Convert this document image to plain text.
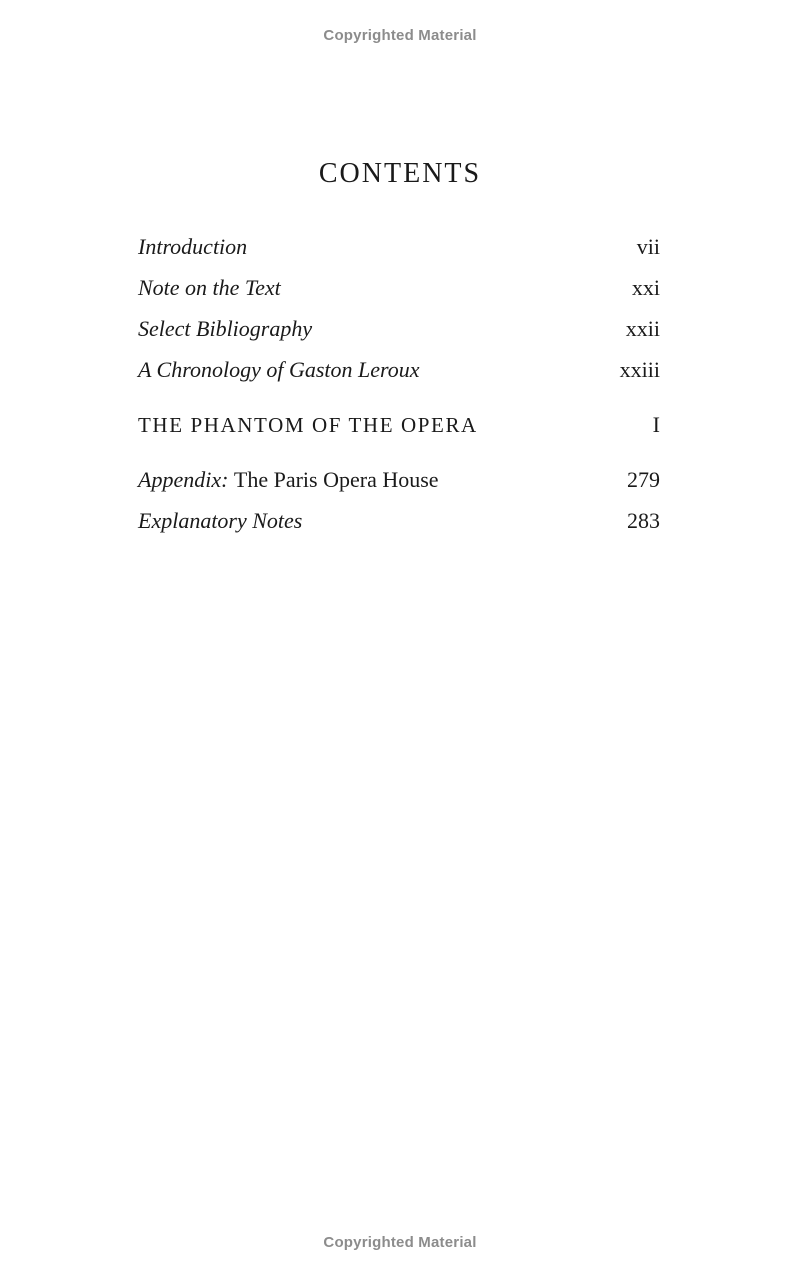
Copyrighted Material
CONTENTS
Introduction	vii
Note on the Text	xxi
Select Bibliography	xxii
A Chronology of Gaston Leroux	xxiii
THE PHANTOM OF THE OPERA	I
Appendix: The Paris Opera House	279
Explanatory Notes	283
Copyrighted Material
